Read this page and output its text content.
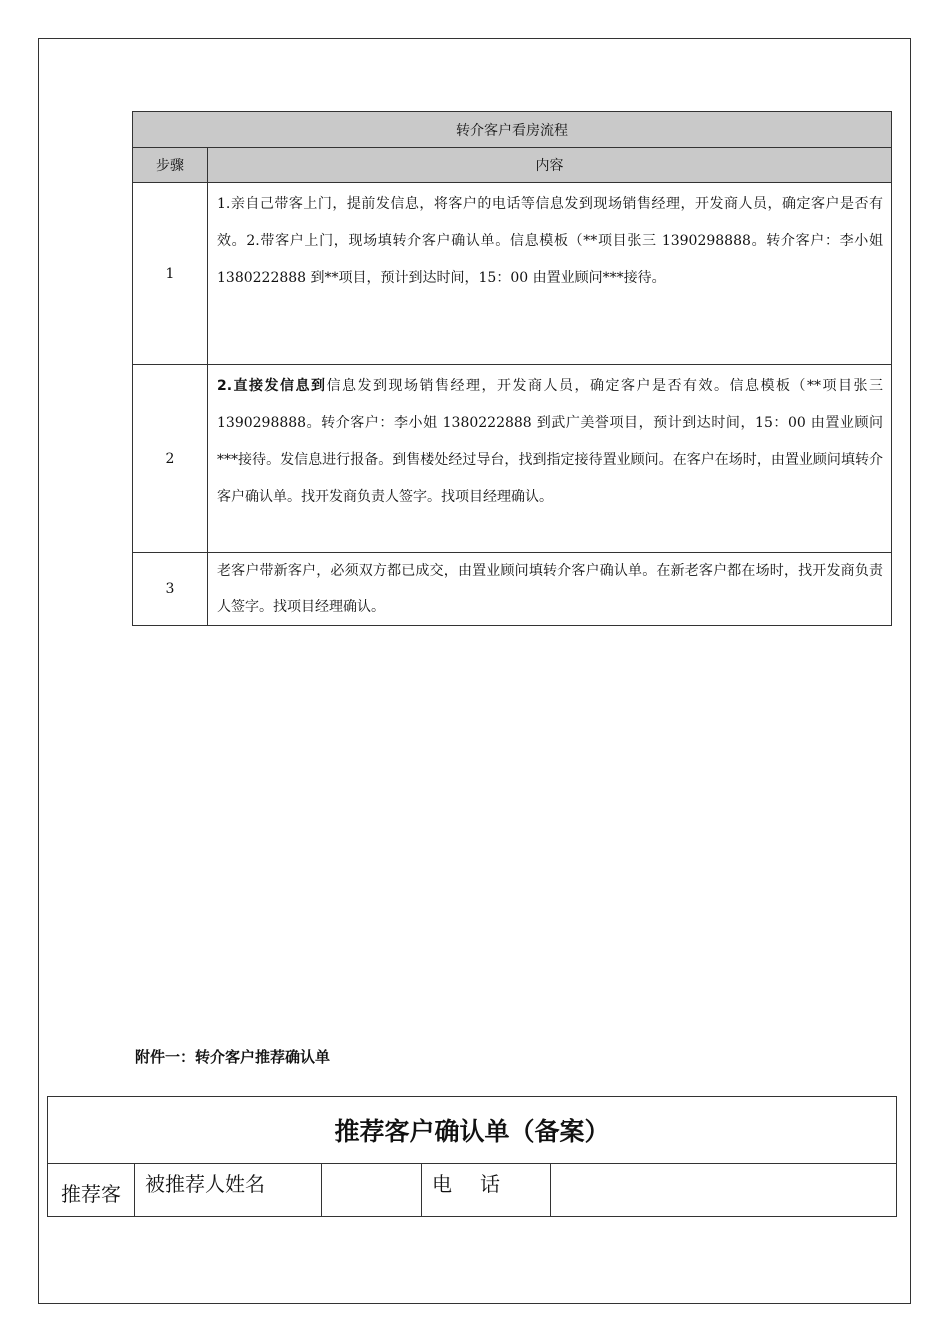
转介客户看房流程	
步骤	内容
1	1.亲自己带客上门，提前发信息，将客户的电话等信息发到现场销售经理，开发商人员，确定客户是否有效。2.带客户上门，现场填转介客户确认单。信息模板（**项目张三 1390298888。转介客户：李小姐 1380222888 到**项目，预计到达时间，15：00 由置业顾问***接待。
2	2.直接发信息到信息发到现场销售经理，开发商人员，确定客户是否有效。信息模板（**项目张三 1390298888。转介客户：李小姐 1380222888 到武广美誉项目，预计到达时间，15：00 由置业顾问***接待。发信息进行报备。到售楼处经过导台，找到指定接待置业顾问。在客户在场时，由置业顾问填转介客户确认单。找开发商负责人签字。找项目经理确认。
3	老客户带新客户，必须双方都已成交，由置业顾问填转介客户确认单。在新老客户都在场时，找开发商负责人签字。找项目经理确认。
附件一：转介客户推荐确认单
推荐客户确认单（备案）
推荐客	被推荐人姓名		电话	
